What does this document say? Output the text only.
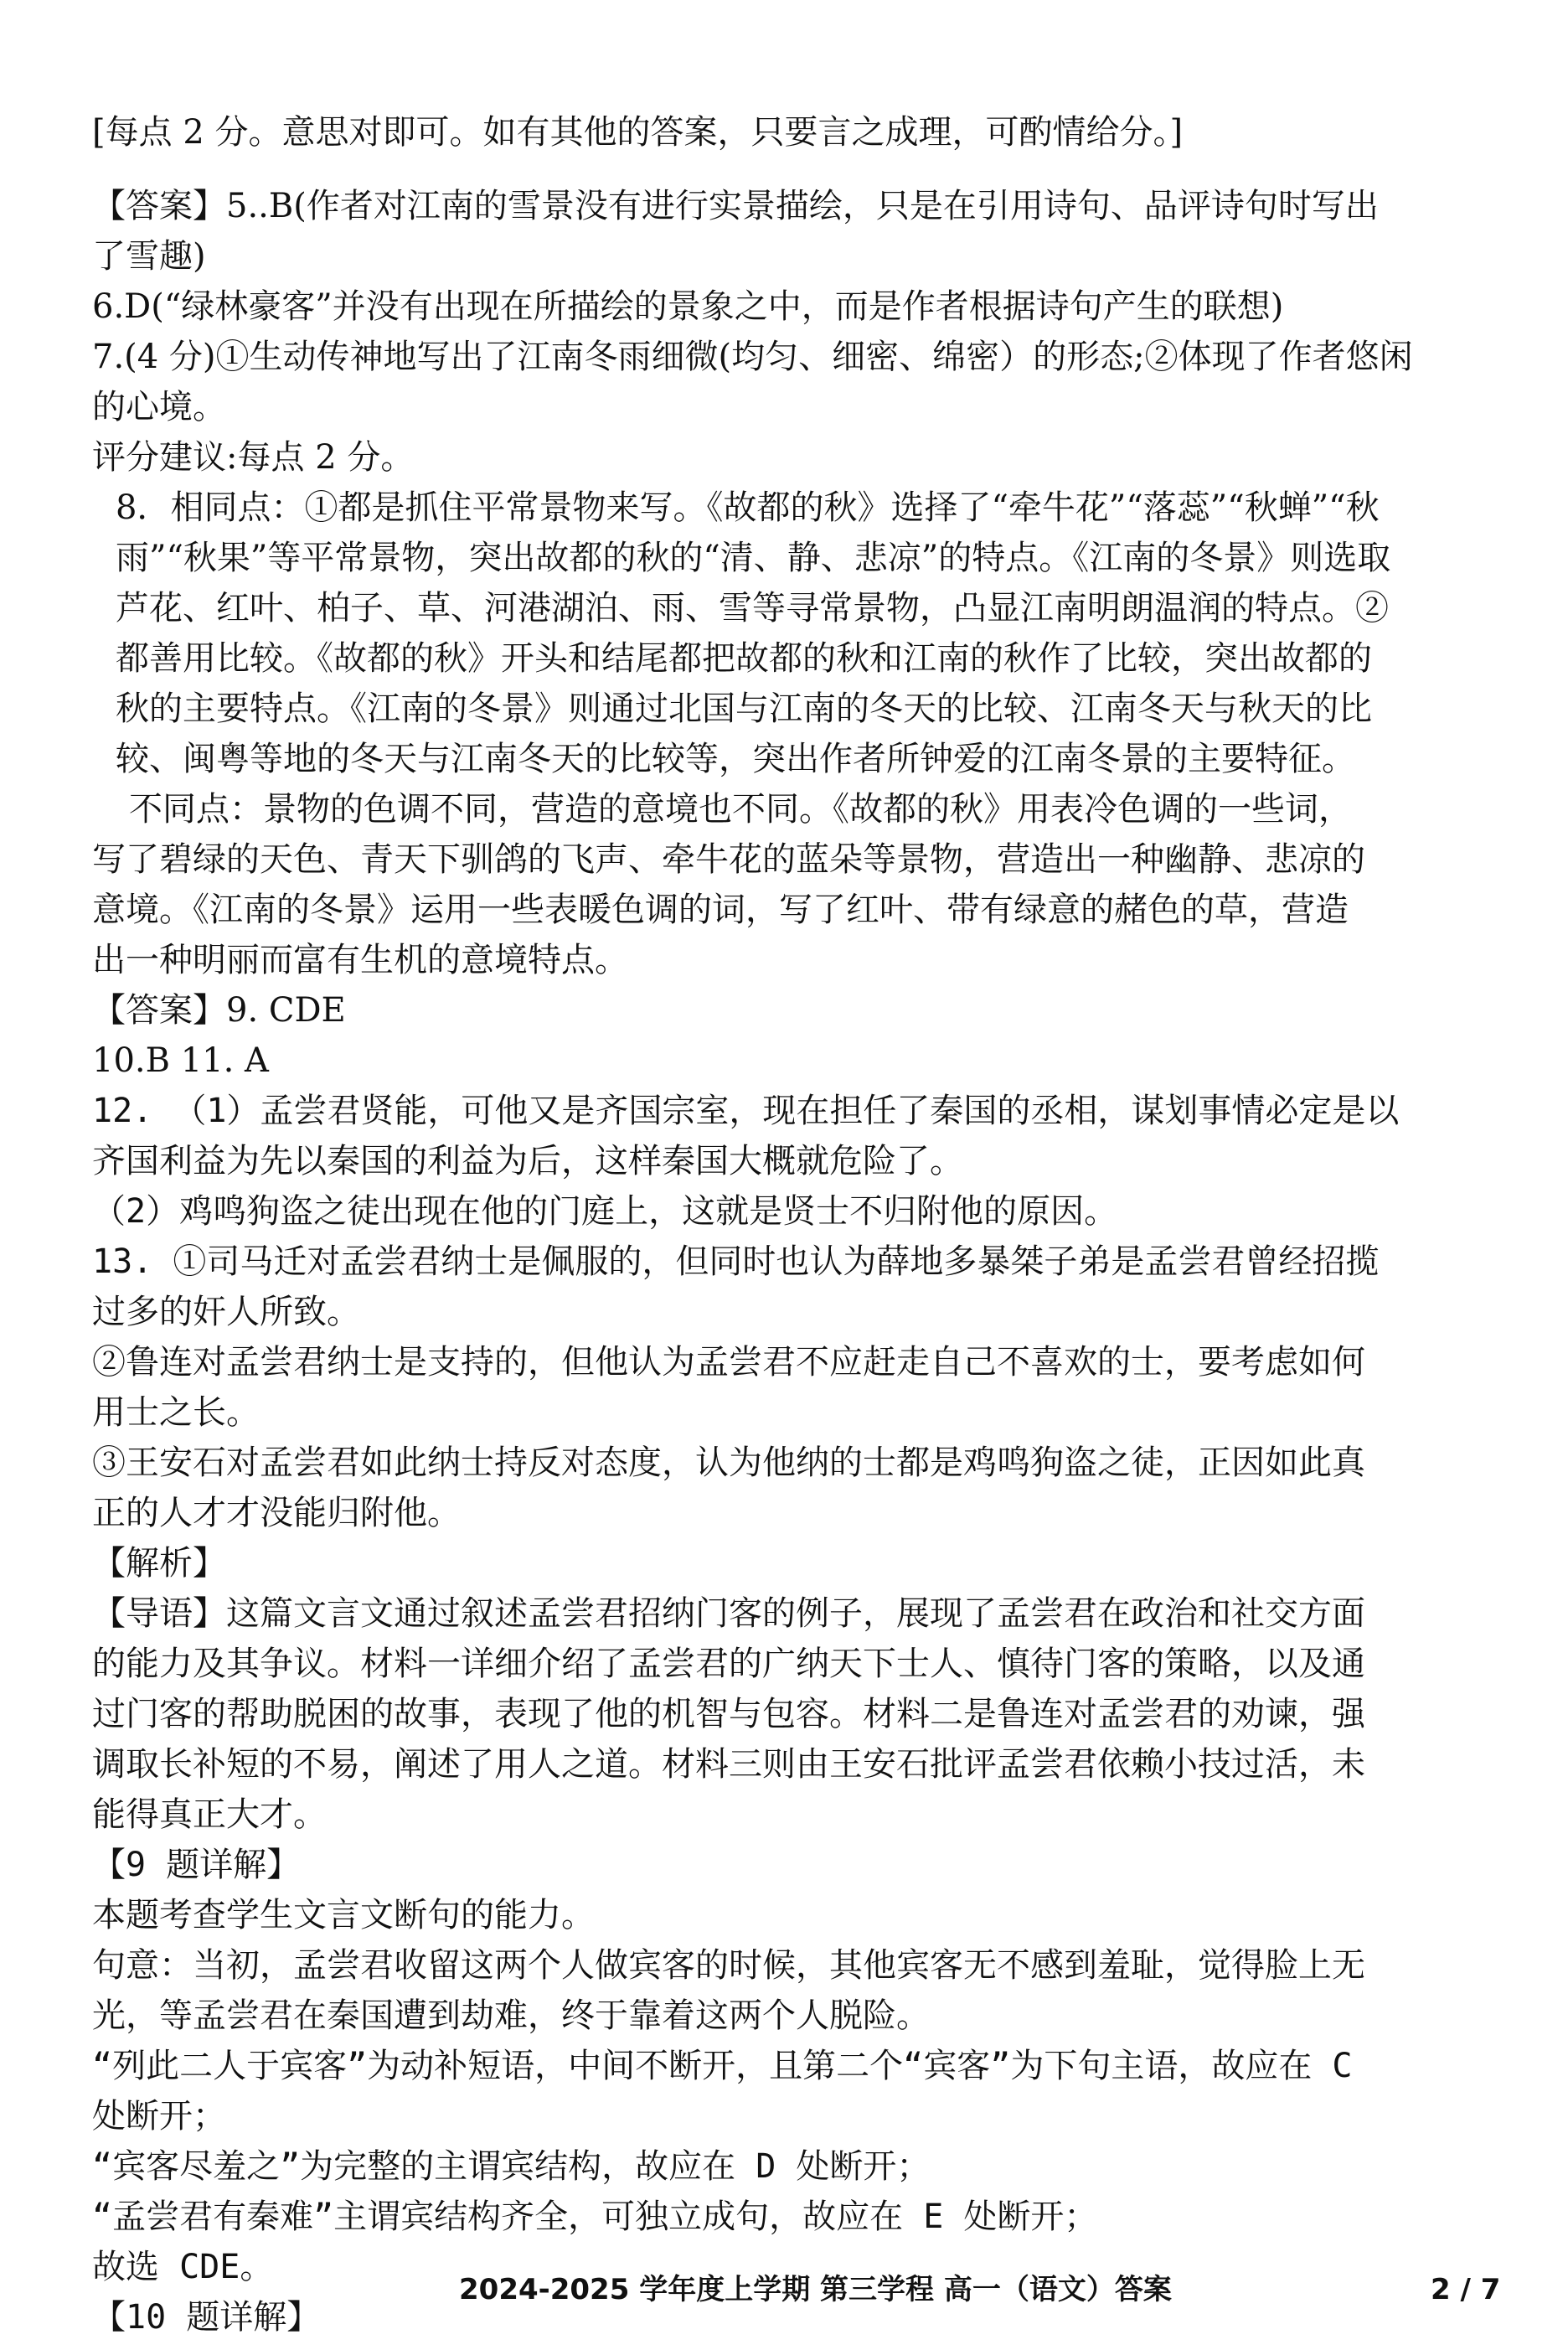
[每点 2 分。意思对即可。如有其他的答案，只要言之成理，可酌情给分。]

【答案】5..B(作者对江南的雪景没有进行实景描绘，只是在引用诗句、品评诗句时写出

了雪趣)

6.D(“绿林豪客”并没有出现在所描绘的景象之中，而是作者根据诗句产生的联想)

7.(4 分)①生动传神地写出了江南冬雨细微(均匀、细密、绵密）的形态;②体现了作者悠闲

的心境。

评分建议:每点 2 分。

8．相同点：①都是抓住平常景物来写。《故都的秋》选择了“牵牛花”“落蕊”“秋蝉”“秋

雨”“秋果”等平常景物，突出故都的秋的“清、静、悲凉”的特点。《江南的冬景》则选取

芦花、红叶、柏子、草、河港湖泊、雨、雪等寻常景物，凸显江南明朗温润的特点。②

都善用比较。《故都的秋》开头和结尾都把故都的秋和江南的秋作了比较，突出故都的

秋的主要特点。《江南的冬景》则通过北国与江南的冬天的比较、江南冬天与秋天的比

较、闽粤等地的冬天与江南冬天的比较等，突出作者所钟爱的江南冬景的主要特征。

不同点：景物的色调不同，营造的意境也不同。《故都的秋》用表冷色调的一些词，

写了碧绿的天色、青天下驯鸽的飞声、牵牛花的蓝朵等景物，营造出一种幽静、悲凉的

意境。《江南的冬景》运用一些表暖色调的词，写了红叶、带有绿意的赭色的草，营造

出一种明丽而富有生机的意境特点。

【答案】9. CDE

10.B 11. A

12. （1）孟尝君贤能，可他又是齐国宗室，现在担任了秦国的丞相，谋划事情必定是以

齐国利益为先以秦国的利益为后，这样秦国大概就危险了。

（2）鸡鸣狗盗之徒出现在他的门庭上，这就是贤士不归附他的原因。

13. ①司马迁对孟尝君纳士是佩服的，但同时也认为薛地多暴桀子弟是孟尝君曾经招揽

过多的奸人所致。

②鲁连对孟尝君纳士是支持的，但他认为孟尝君不应赶走自己不喜欢的士，要考虑如何

用士之长。

③王安石对孟尝君如此纳士持反对态度，认为他纳的士都是鸡鸣狗盗之徒，正因如此真

正的人才才没能归附他。

【解析】

【导语】这篇文言文通过叙述孟尝君招纳门客的例子，展现了孟尝君在政治和社交方面

的能力及其争议。材料一详细介绍了孟尝君的广纳天下士人、慎待门客的策略，以及通

过门客的帮助脱困的故事，表现了他的机智与包容。材料二是鲁连对孟尝君的劝谏，强

调取长补短的不易，阐述了用人之道。材料三则由王安石批评孟尝君依赖小技过活，未

能得真正大才。

【9 题详解】

本题考查学生文言文断句的能力。

句意：当初，孟尝君收留这两个人做宾客的时候，其他宾客无不感到羞耻，觉得脸上无

光，等孟尝君在秦国遭到劫难，终于靠着这两个人脱险。

“列此二人于宾客”为动补短语，中间不断开，且第二个“宾客”为下句主语，故应在 C

处断开；

“宾客尽羞之”为完整的主谓宾结构，故应在 D 处断开；

“孟尝君有秦难”主谓宾结构齐全，可独立成句，故应在 E 处断开；

故选 CDE。

【10 题详解】

2024-2025 学年度上学期 第三学程 高一（语文）答案	2 / 7
